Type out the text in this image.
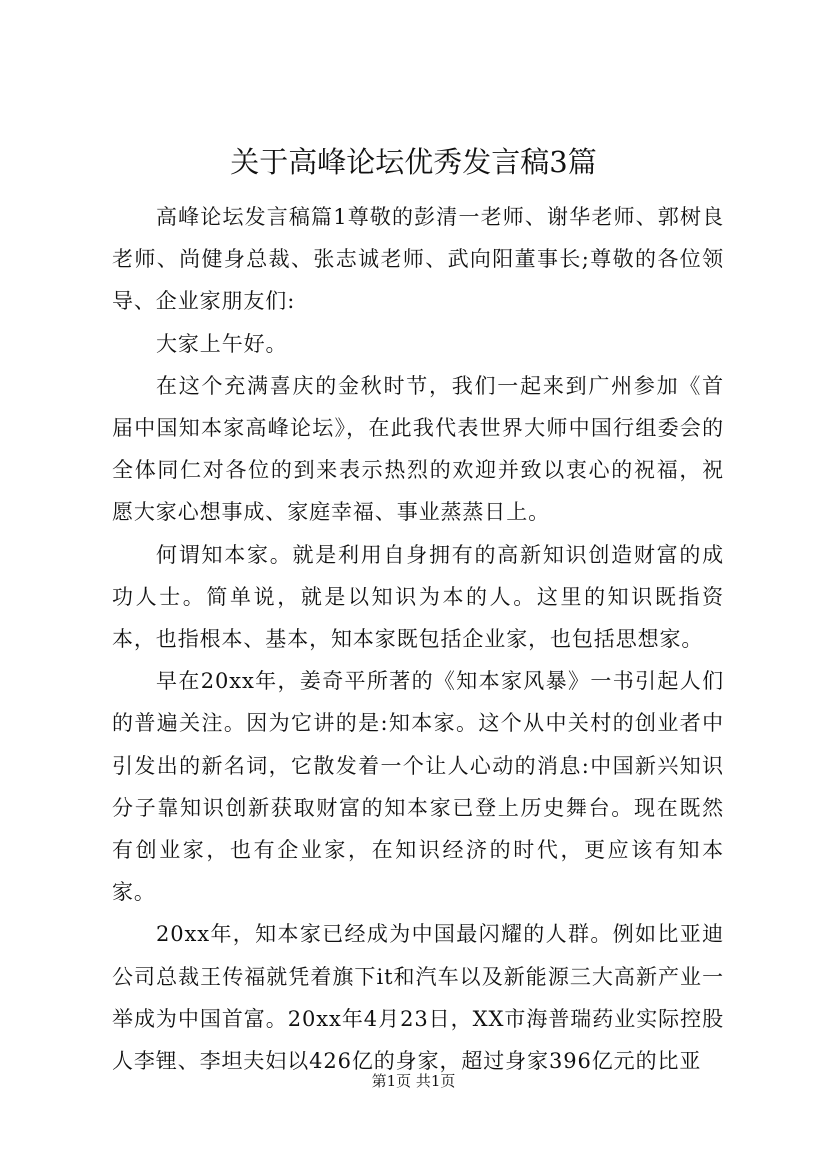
关于高峰论坛优秀发言稿3篇

高峰论坛发言稿篇1尊敬的彭清一老师、谢华老师、郭树良老师、尚健身总裁、张志诚老师、武向阳董事长;尊敬的各位领导、企业家朋友们:

大家上午好。

在这个充满喜庆的金秋时节，我们一起来到广州参加《首届中国知本家高峰论坛》，在此我代表世界大师中国行组委会的全体同仁对各位的到来表示热烈的欢迎并致以衷心的祝福，祝愿大家心想事成、家庭幸福、事业蒸蒸日上。

何谓知本家。就是利用自身拥有的高新知识创造财富的成功人士。简单说，就是以知识为本的人。这里的知识既指资本，也指根本、基本，知本家既包括企业家，也包括思想家。

早在20xx年，姜奇平所著的《知本家风暴》一书引起人们的普遍关注。因为它讲的是:知本家。这个从中关村的创业者中引发出的新名词，它散发着一个让人心动的消息:中国新兴知识分子靠知识创新获取财富的知本家已登上历史舞台。现在既然有创业家，也有企业家，在知识经济的时代，更应该有知本家。

20xx年，知本家已经成为中国最闪耀的人群。例如比亚迪公司总裁王传福就凭着旗下it和汽车以及新能源三大高新产业一举成为中国首富。20xx年4月23日，XX市海普瑞药业实际控股人李锂、李坦夫妇以426亿的身家，超过身家396亿元的比亚

第1页 共1页
